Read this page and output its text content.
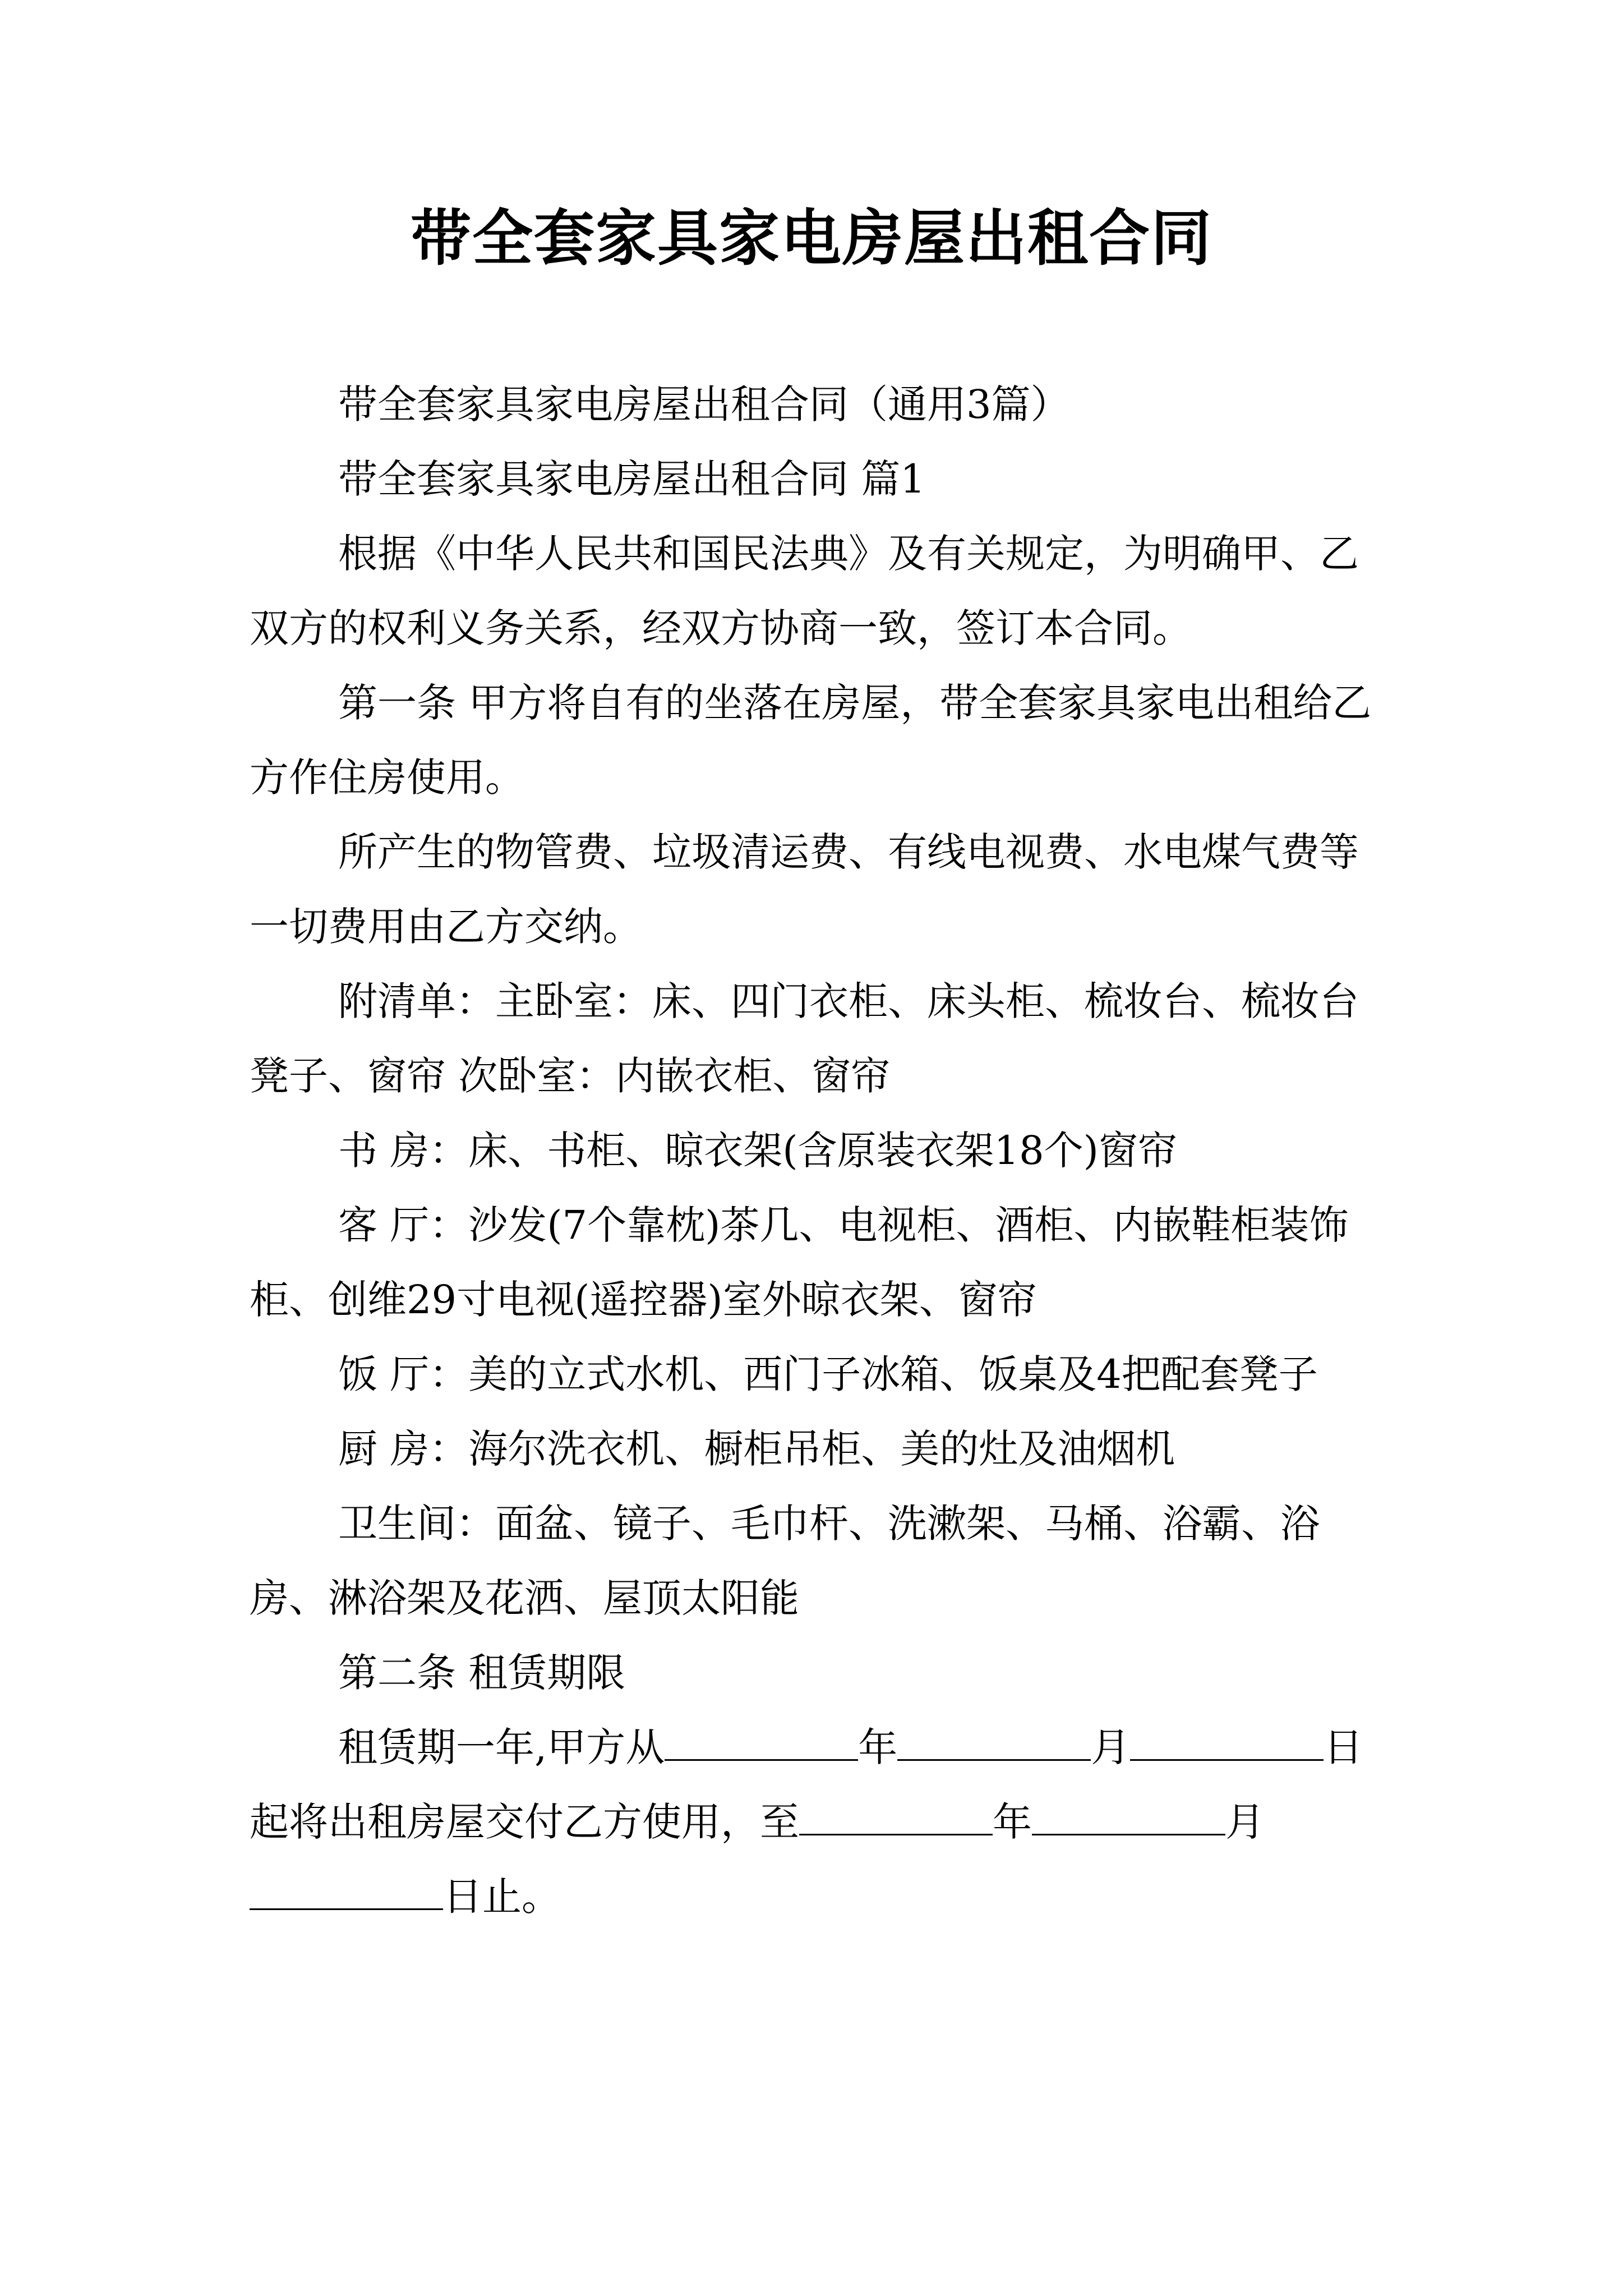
带全套家具家电房屋出租合同

带全套家具家电房屋出租合同（通用3篇）

带全套家具家电房屋出租合同 篇1

根据《中华人民共和国民法典》及有关规定，为明确甲、乙双方的权利义务关系，经双方协商一致，签订本合同。

第一条 甲方将自有的坐落在房屋，带全套家具家电出租给乙方作住房使用。

所产生的物管费、垃圾清运费、有线电视费、水电煤气费等一切费用由乙方交纳。

附清单：主卧室：床、四门衣柜、床头柜、梳妆台、梳妆台凳子、窗帘 次卧室：内嵌衣柜、窗帘

书 房：床、书柜、晾衣架(含原装衣架18个)窗帘

客 厅：沙发(7个靠枕)茶几、电视柜、酒柜、内嵌鞋柜装饰柜、创维29寸电视(遥控器)室外晾衣架、窗帘

饭 厅：美的立式水机、西门子冰箱、饭桌及4把配套凳子

厨 房：海尔洗衣机、橱柜吊柜、美的灶及油烟机

卫生间：面盆、镜子、毛巾杆、洗漱架、马桶、浴霸、浴房、淋浴架及花洒、屋顶太阳能

第二条 租赁期限

租赁期一年,甲方从	年	月	日起将出租房屋交付乙方使用，至	年	月日止。
